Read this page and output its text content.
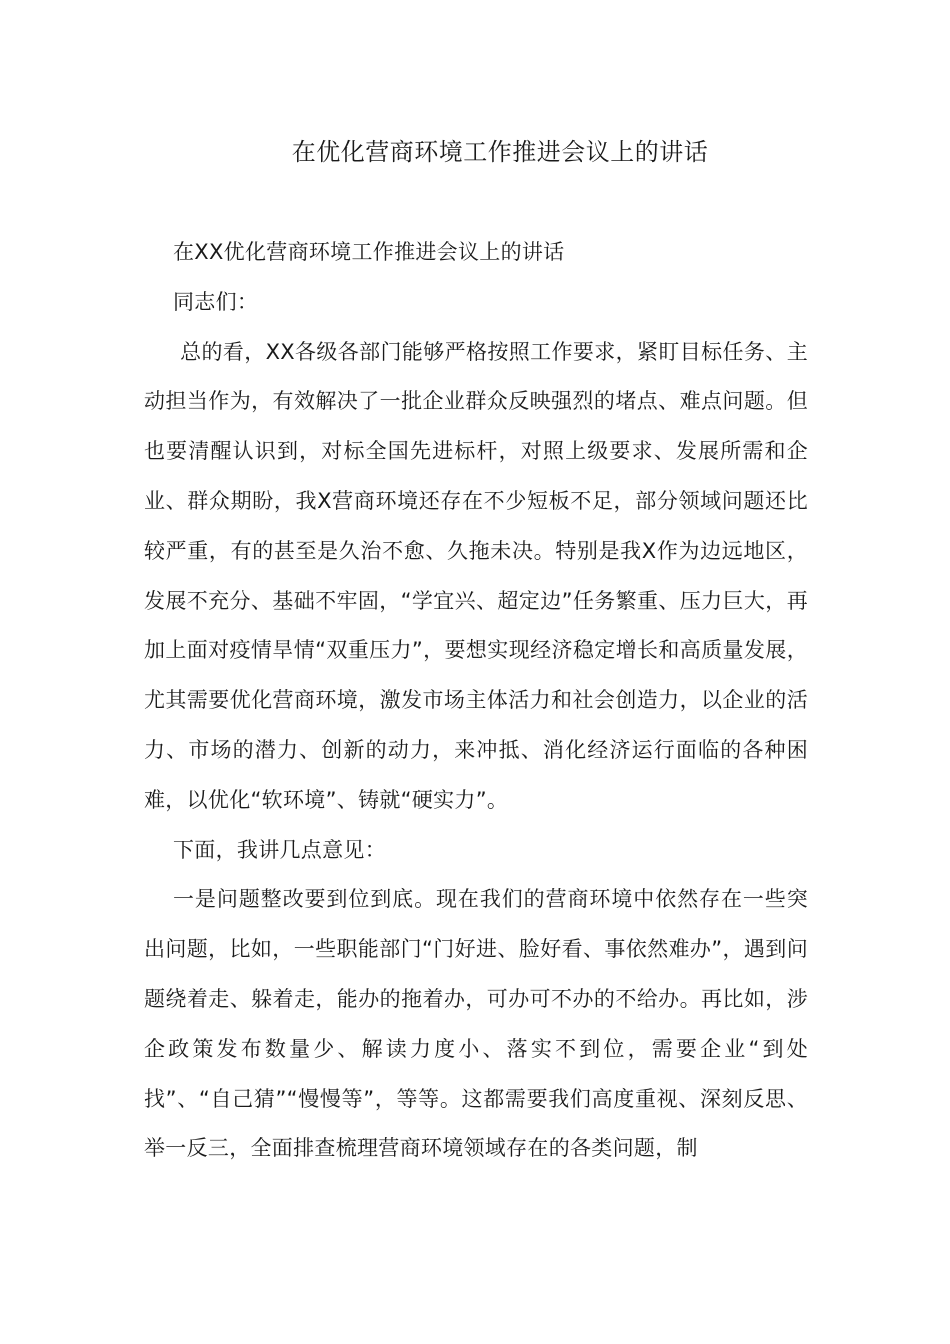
在优化营商环境工作推进会议上的讲话

在XX优化营商环境工作推进会议上的讲话

同志们：

总的看，XX各级各部门能够严格按照工作要求，紧盯目标任务、主动担当作为，有效解决了一批企业群众反映强烈的堵点、难点问题。但也要清醒认识到，对标全国先进标杆，对照上级要求、发展所需和企业、群众期盼，我X营商环境还存在不少短板不足，部分领域问题还比较严重，有的甚至是久治不愈、久拖未决。特别是我X作为边远地区，发展不充分、基础不牢固，“学宜兴、超定边”任务繁重、压力巨大，再加上面对疫情旱情“双重压力”，要想实现经济稳定增长和高质量发展，尤其需要优化营商环境，激发市场主体活力和社会创造力，以企业的活力、市场的潜力、创新的动力，来冲抵、消化经济运行面临的各种困难，以优化“软环境”、铸就“硬实力”。

下面，我讲几点意见：

一是问题整改要到位到底。现在我们的营商环境中依然存在一些突出问题，比如，一些职能部门“门好进、脸好看、事依然难办”，遇到问题绕着走、躲着走，能办的拖着办，可办可不办的不给办。再比如，涉企政策发布数量少、解读力度小、落实不到位，需要企业“到处找”、“自己猜”“慢慢等”，等等。这都需要我们高度重视、深刻反思、举一反三，全面排查梳理营商环境领域存在的各类问题，制
